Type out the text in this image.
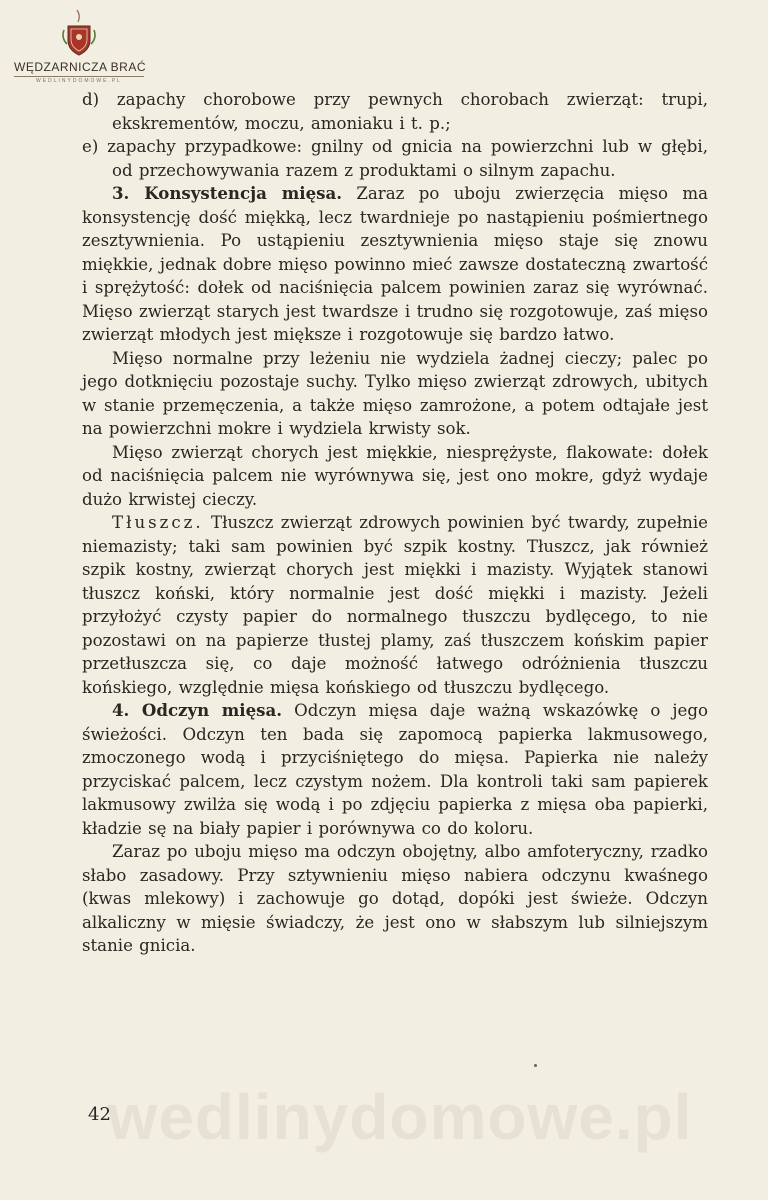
WĘDZARNICZA BRAĆ
WEDLINYDOMOWE.PL

d) zapachy chorobowe przy pewnych chorobach zwierząt: trupi, ekskrementów, moczu, amoniaku i t. p.;

e) zapachy przypadkowe: gnilny od gnicia na powierzchni lub w głębi, od przechowywania razem z produktami o silnym zapachu.

3. Konsystencja mięsa. Zaraz po uboju zwierzęcia mięso ma konsystencję dość miękką, lecz twardnieje po nastąpieniu pośmiertnego zesztywnienia. Po ustąpieniu zesztywnienia mięso staje się znowu miękkie, jednak dobre mięso powinno mieć zawsze dostateczną zwartość i sprężytość: dołek od naciśnięcia palcem powinien zaraz się wyrównać. Mięso zwierząt starych jest twardsze i trudno się rozgotowuje, zaś mięso zwierząt młodych jest miększe i rozgotowuje się bardzo łatwo.

Mięso normalne przy leżeniu nie wydziela żadnej cieczy; palec po jego dotknięciu pozostaje suchy. Tylko mięso zwierząt zdrowych, ubitych w stanie przemęczenia, a także mięso zamrożone, a potem odtajałe jest na powierzchni mokre i wydziela krwisty sok.

Mięso zwierząt chorych jest miękkie, niesprężyste, flakowate: dołek od naciśnięcia palcem nie wyrównywa się, jest ono mokre, gdyż wydaje dużo krwistej cieczy.

Tłuszcz. Tłuszcz zwierząt zdrowych powinien być twardy, zupełnie niemazisty; taki sam powinien być szpik kostny. Tłuszcz, jak również szpik kostny, zwierząt chorych jest miękki i mazisty. Wyjątek stanowi tłuszcz koński, który normalnie jest dość miękki i mazisty. Jeżeli przyłożyć czysty papier do normalnego tłuszczu bydlęcego, to nie pozostawi on na papierze tłustej plamy, zaś tłuszczem końskim papier przetłuszcza się, co daje możność łatwego odróżnienia tłuszczu końskiego, względnie mięsa końskiego od tłuszczu bydlęcego.

4. Odczyn mięsa. Odczyn mięsa daje ważną wskazówkę o jego świeżości. Odczyn ten bada się zapomocą papierka lakmusowego, zmoczonego wodą i przyciśniętego do mięsa. Papierka nie należy przyciskać palcem, lecz czystym nożem. Dla kontroli taki sam papierek lakmusowy zwilża się wodą i po zdjęciu papierka z mięsa oba papierki, kładzie sę na biały papier i porównywa co do koloru.

Zaraz po uboju mięso ma odczyn obojętny, albo amfoteryczny, rzadko słabo zasadowy. Przy sztywnieniu mięso nabiera odczynu kwaśnego (kwas mlekowy) i zachowuje go dotąd, dopóki jest świeże. Odczyn alkaliczny w mięsie świadczy, że jest ono w słabszym lub silniejszym stanie gnicia.

wedlinydomowe.pl
42
